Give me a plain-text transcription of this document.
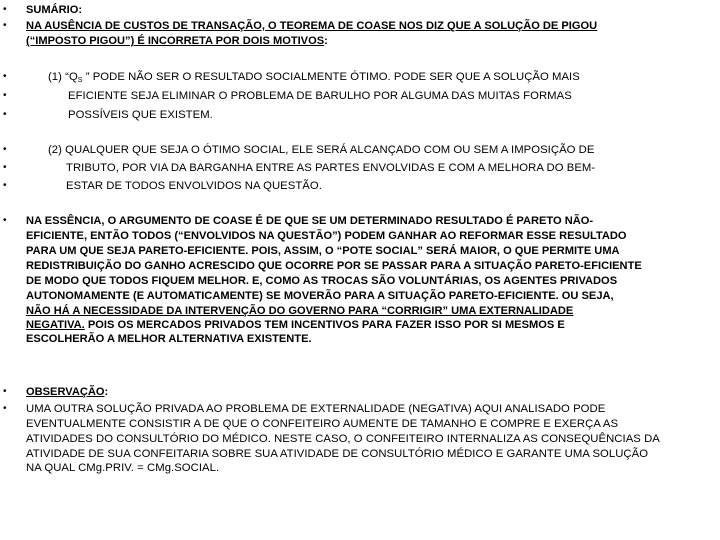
• SUMÁRIO:
• NA AUSÊNCIA DE CUSTOS DE TRANSAÇÃO, O TEOREMA DE COASE NOS DIZ QUE A SOLUÇÃO DE PIGOU
(“IMPOSTO PIGOU”) É INCORRETA POR DOIS MOTIVOS:
•	(1) “$Q_S$ ” PODE NÃO SER O RESULTADO SOCIALMENTE ÓTIMO. PODE SER QUE A SOLUÇÃO MAIS
•	EFICIENTE SEJA ELIMINAR O PROBLEMA DE BARULHO POR ALGUMA DAS MUITAS FORMAS
•	POSSÍVEIS QUE EXISTEM.
•	(2) QUALQUER QUE SEJA O ÓTIMO SOCIAL, ELE SERÁ ALCANÇADO COM OU SEM A IMPOSIÇÃO DE
•	TRIBUTO, POR VIA DA BARGANHA ENTRE AS PARTES ENVOLVIDAS E COM A MELHORA DO BEM-
•	ESTAR DE TODOS ENVOLVIDOS NA QUESTÃO.
• NA ESSÊNCIA, O ARGUMENTO DE COASE É DE QUE SE UM DETERMINADO RESULTADO É PARETO NÃO-
EFICIENTE, ENTÃO TODOS (“ENVOLVIDOS NA QUESTÃO”) PODEM GANHAR AO REFORMAR ESSE RESULTADO
PARA UM QUE SEJA PARETO-EFICIENTE. POIS, ASSIM, O “POTE SOCIAL” SERÁ MAIOR, O QUE PERMITE UMA
REDISTRIBUIÇÃO DO GANHO ACRESCIDO QUE OCORRE POR SE PASSAR PARA A SITUAÇÃO PARETO-EFICIENTE
DE MODO QUE TODOS FIQUEM MELHOR. E, COMO AS TROCAS SÃO VOLUNTÁRIAS, OS AGENTES PRIVADOS
AUTONOMAMENTE (E AUTOMATICAMENTE) SE MOVERÃO PARA A SITUAÇÃO PARETO-EFICIENTE. OU SEJA,
NÃO HÁ A NECESSIDADE DA INTERVENÇÃO DO GOVERNO PARA “CORRIGIR” UMA EXTERNALIDADE
NEGATIVA. POIS OS MERCADOS PRIVADOS TEM INCENTIVOS PARA FAZER ISSO POR SI MESMOS E
ESCOLHERÃO A MELHOR ALTERNATIVA EXISTENTE.
• OBSERVAÇÃO:
• UMA OUTRA SOLUÇÃO PRIVADA AO PROBLEMA DE EXTERNALIDADE (NEGATIVA) AQUI ANALISADO PODE
EVENTUALMENTE CONSISTIR A DE QUE O CONFEITEIRO AUMENTE DE TAMANHO E COMPRE E EXERÇA AS
ATIVIDADES DO CONSULTÓRIO DO MÉDICO. NESTE CASO, O CONFEITEIRO INTERNALIZA AS CONSEQUÊNCIAS DA
ATIVIDADE DE SUA CONFEITARIA SOBRE SUA ATIVIDADE DE CONSULTÓRIO MÉDICO E GARANTE UMA SOLUÇÃO
NA QUAL CMg.PRIV. = CMg.SOCIAL.
